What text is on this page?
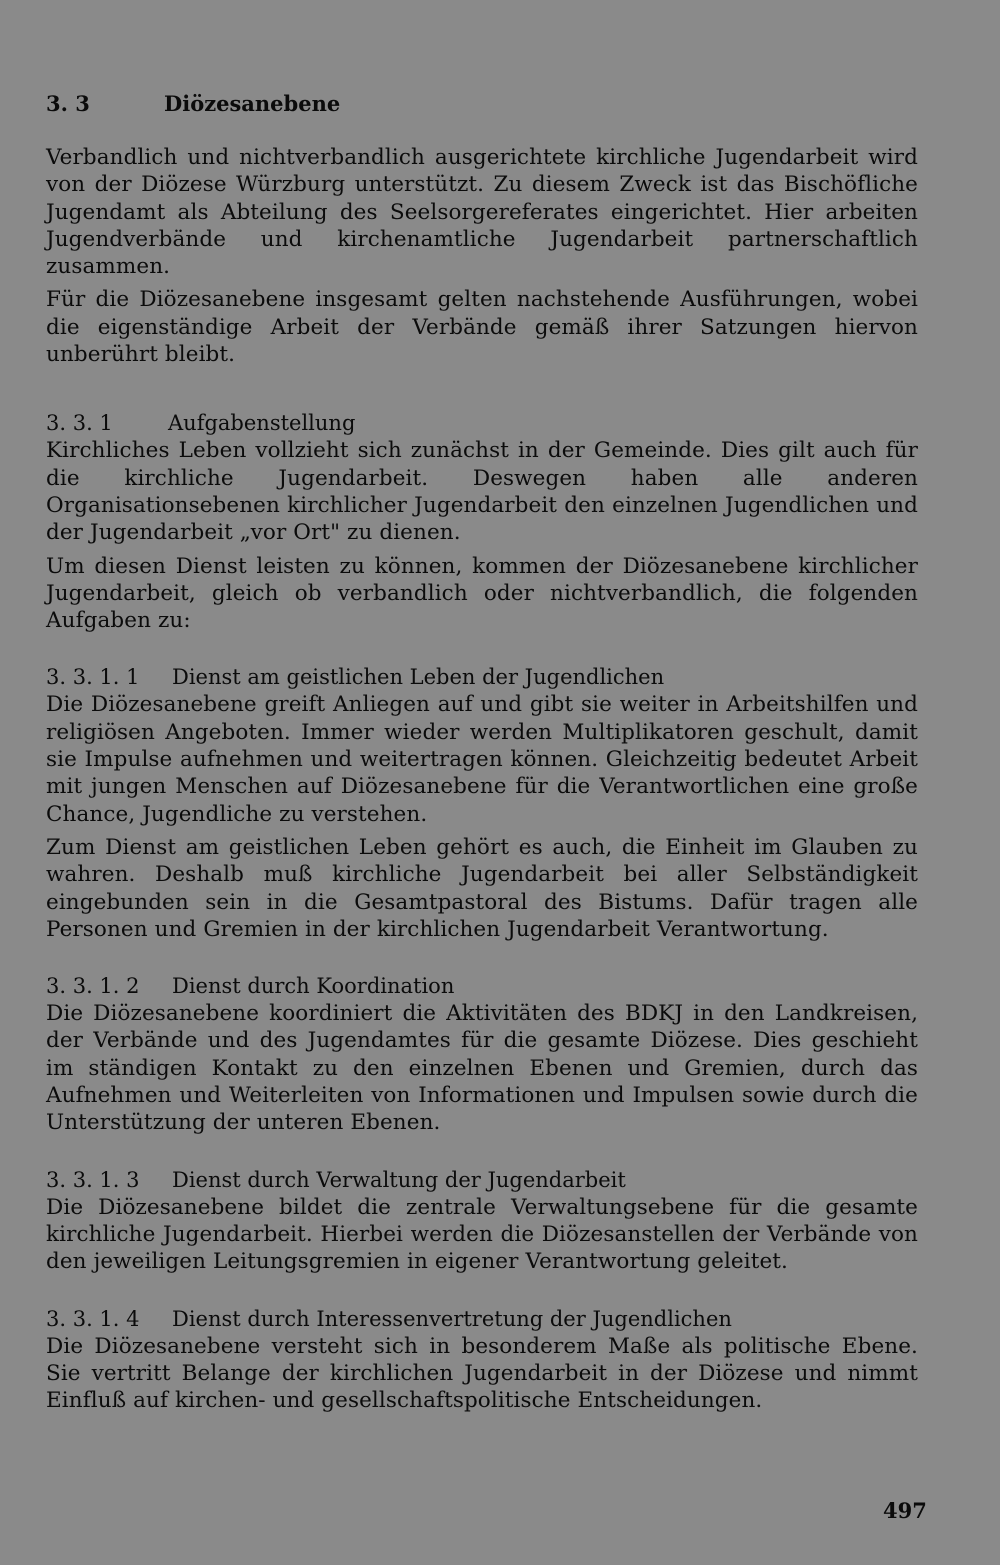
3. 3	Diözesanebene

Verbandlich und nichtverbandlich ausgerichtete kirchliche Jugendarbeit wird von der Diözese Würzburg unterstützt. Zu diesem Zweck ist das Bischöfliche Jugendamt als Abteilung des Seelsorgereferates eingerichtet. Hier arbeiten Jugendverbände und kirchenamtliche Jugendarbeit partnerschaftlich zusammen.

Für die Diözesanebene insgesamt gelten nachstehende Ausführungen, wobei die eigenständige Arbeit der Verbände gemäß ihrer Satzungen hiervon unberührt bleibt.

3. 3. 1	Aufgabenstellung

Kirchliches Leben vollzieht sich zunächst in der Gemeinde. Dies gilt auch für die kirchliche Jugendarbeit. Deswegen haben alle anderen Organisationsebenen kirchlicher Jugendarbeit den einzelnen Jugendlichen und der Jugendarbeit „vor Ort" zu dienen.

Um diesen Dienst leisten zu können, kommen der Diözesanebene kirchlicher Jugendarbeit, gleich ob verbandlich oder nichtverbandlich, die folgenden Aufgaben zu:

3. 3. 1. 1	Dienst am geistlichen Leben der Jugendlichen

Die Diözesanebene greift Anliegen auf und gibt sie weiter in Arbeitshilfen und religiösen Angeboten. Immer wieder werden Multiplikatoren geschult, damit sie Impulse aufnehmen und weitertragen können. Gleichzeitig bedeutet Arbeit mit jungen Menschen auf Diözesanebene für die Verantwortlichen eine große Chance, Jugendliche zu verstehen.

Zum Dienst am geistlichen Leben gehört es auch, die Einheit im Glauben zu wahren. Deshalb muß kirchliche Jugendarbeit bei aller Selbständigkeit eingebunden sein in die Gesamtpastoral des Bistums. Dafür tragen alle Personen und Gremien in der kirchlichen Jugendarbeit Verantwortung.

3. 3. 1. 2	Dienst durch Koordination

Die Diözesanebene koordiniert die Aktivitäten des BDKJ in den Landkreisen, der Verbände und des Jugendamtes für die gesamte Diözese. Dies geschieht im ständigen Kontakt zu den einzelnen Ebenen und Gremien, durch das Aufnehmen und Weiterleiten von Informationen und Impulsen sowie durch die Unterstützung der unteren Ebenen.

3. 3. 1. 3	Dienst durch Verwaltung der Jugendarbeit

Die Diözesanebene bildet die zentrale Verwaltungsebene für die gesamte kirchliche Jugendarbeit. Hierbei werden die Diözesanstellen der Verbände von den jeweiligen Leitungsgremien in eigener Verantwortung geleitet.

3. 3. 1. 4	Dienst durch Interessenvertretung der Jugendlichen

Die Diözesanebene versteht sich in besonderem Maße als politische Ebene. Sie vertritt Belange der kirchlichen Jugendarbeit in der Diözese und nimmt Einfluß auf kirchen- und gesellschaftspolitische Entscheidungen.

497
